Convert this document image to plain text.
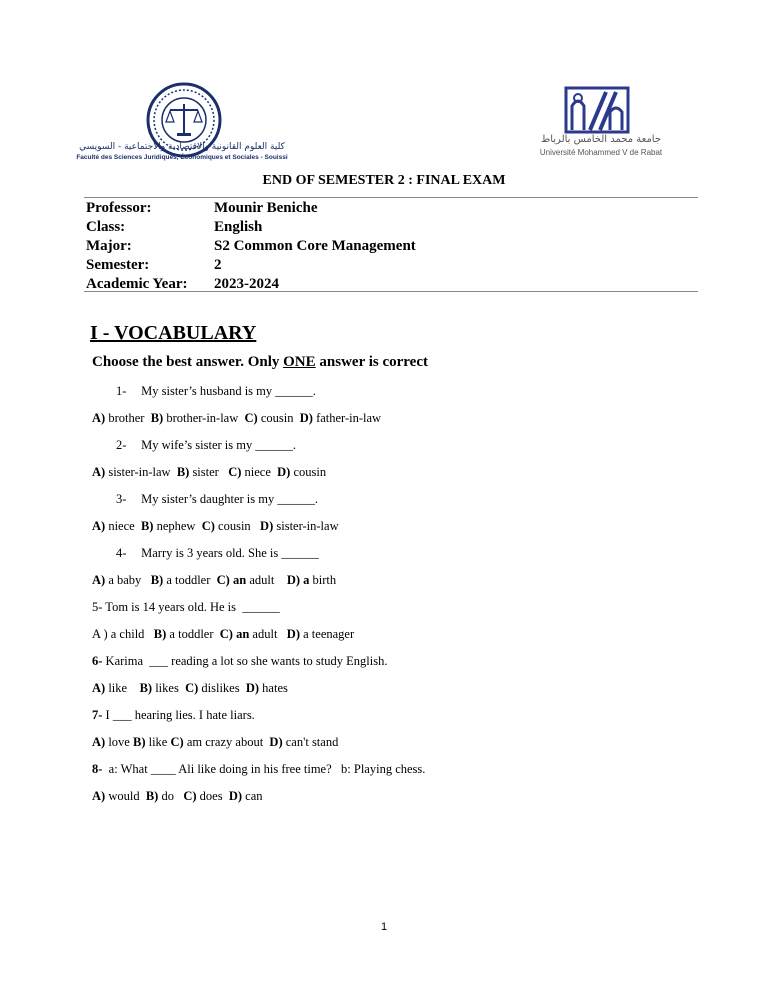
كلية العلوم القانونية والاقتصادية والاجتماعية - السويسي
Faculté des Sciences Juridiques, Économiques et Sociales - Souissi
جامعة محمد الخامس بالرباط
Université Mohammed V de Rabat
END OF SEMESTER 2 : FINAL EXAM
Professor:	Mounir Beniche
Class:	English
Major:	S2 Common Core Management
Semester:	2
Academic Year:	2023-2024
I - VOCABULARY
Choose the best answer. Only ONE answer is correct
1- My sister’s husband is my ______.
A) brother  B) brother-in-law  C) cousin  D) father-in-law
2- My wife’s sister is my ______.
A) sister-in-law  B) sister   C) niece  D) cousin
3- My sister’s daughter is my ______.
A) niece  B) nephew  C) cousin   D) sister-in-law
4- Marry is 3 years old. She is ______
A) a baby   B) a toddler  C) an adult    D) a birth
5- Tom is 14 years old. He is  ______
A ) a child   B) a toddler  C) an adult   D) a teenager
6- Karima  ___ reading a lot so she wants to study English.
A) like    B) likes  C) dislikes  D) hates
7- I ___ hearing lies. I hate liars.
A) love B) like C) am crazy about  D) can't stand
8-  a: What ____ Ali like doing in his free time?   b: Playing chess.
A) would  B) do   C) does  D) can
1
